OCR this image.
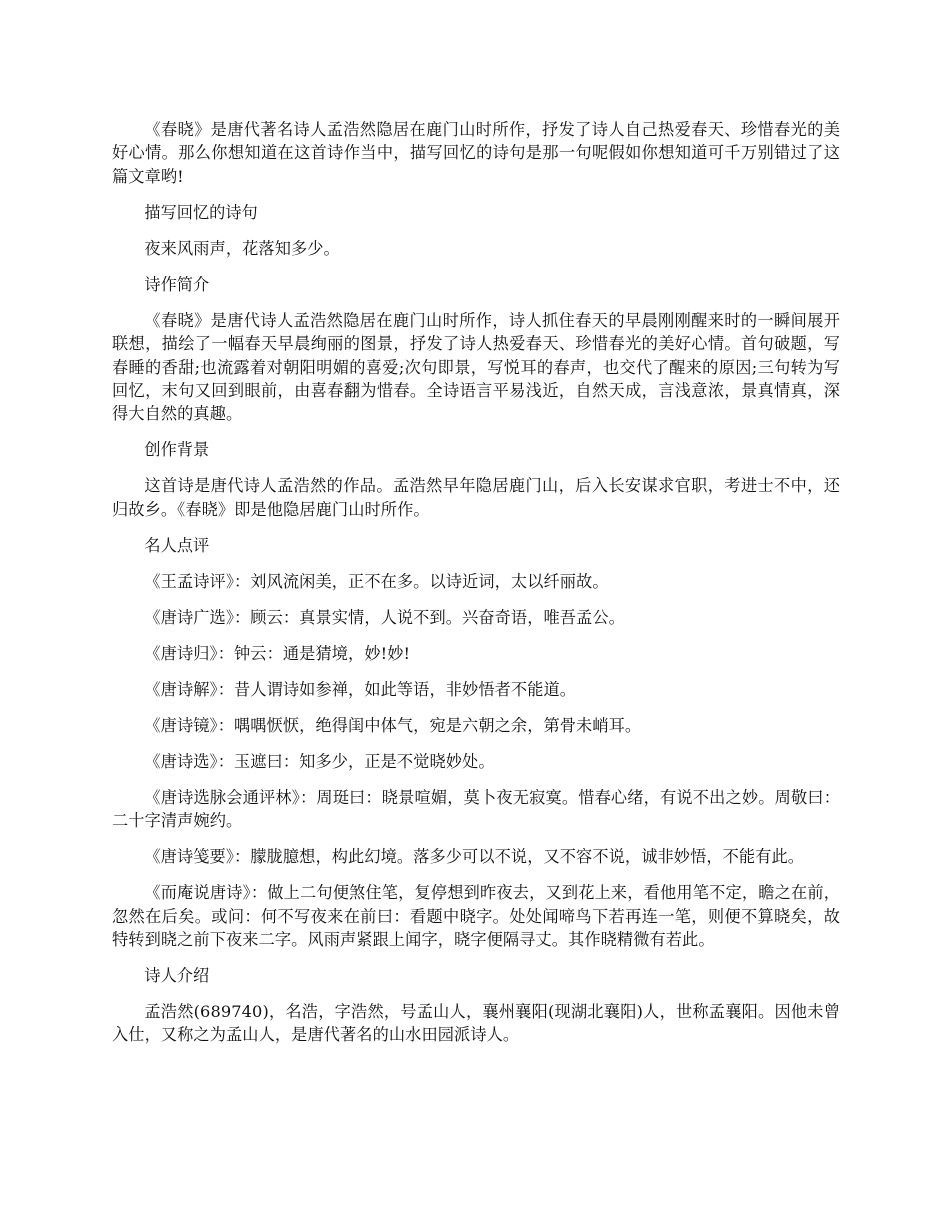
《春晓》是唐代著名诗人孟浩然隐居在鹿门山时所作，抒发了诗人自己热爱春天、珍惜春光的美好心情。那么你想知道在这首诗作当中，描写回忆的诗句是那一句呢假如你想知道可千万别错过了这篇文章哟!

描写回忆的诗句

夜来风雨声，花落知多少。

诗作简介

《春晓》是唐代诗人孟浩然隐居在鹿门山时所作，诗人抓住春天的早晨刚刚醒来时的一瞬间展开联想，描绘了一幅春天早晨绚丽的图景，抒发了诗人热爱春天、珍惜春光的美好心情。首句破题，写春睡的香甜;也流露着对朝阳明媚的喜爱;次句即景，写悦耳的春声，也交代了醒来的原因;三句转为写回忆，末句又回到眼前，由喜春翻为惜春。全诗语言平易浅近，自然天成，言浅意浓，景真情真，深得大自然的真趣。

创作背景

这首诗是唐代诗人孟浩然的作品。孟浩然早年隐居鹿门山，后入长安谋求官职，考进士不中，还归故乡。《春晓》即是他隐居鹿门山时所作。

名人点评

《王孟诗评》：刘风流闲美，正不在多。以诗近词，太以纤丽故。

《唐诗广选》：顾云：真景实情，人说不到。兴奋奇语，唯吾孟公。

《唐诗归》：钟云：通是猜境，妙!妙!

《唐诗解》：昔人谓诗如参禅，如此等语，非妙悟者不能道。

《唐诗镜》：喁喁恹恹，绝得闺中体气，宛是六朝之余，第骨未峭耳。

《唐诗选》：玉遮曰：知多少，正是不觉晓妙处。

《唐诗选脉会通评林》：周珽曰：晓景喧媚，莫卜夜无寂寞。惜春心绪，有说不出之妙。周敬曰：二十字清声婉约。

《唐诗笺要》：朦胧臆想，构此幻境。落多少可以不说，又不容不说，诚非妙悟，不能有此。

《而庵说唐诗》：做上二句便煞住笔，复停想到昨夜去，又到花上来，看他用笔不定，瞻之在前，忽然在后矣。或问：何不写夜来在前曰：看题中晓字。处处闻啼鸟下若再连一笔，则便不算晓矣，故特转到晓之前下夜来二字。风雨声紧跟上闻字，晓字便隔寻丈。其作晓精微有若此。

诗人介绍

孟浩然(689740)，名浩，字浩然，号孟山人，襄州襄阳(现湖北襄阳)人，世称孟襄阳。因他未曾入仕，又称之为孟山人，是唐代著名的山水田园派诗人。
